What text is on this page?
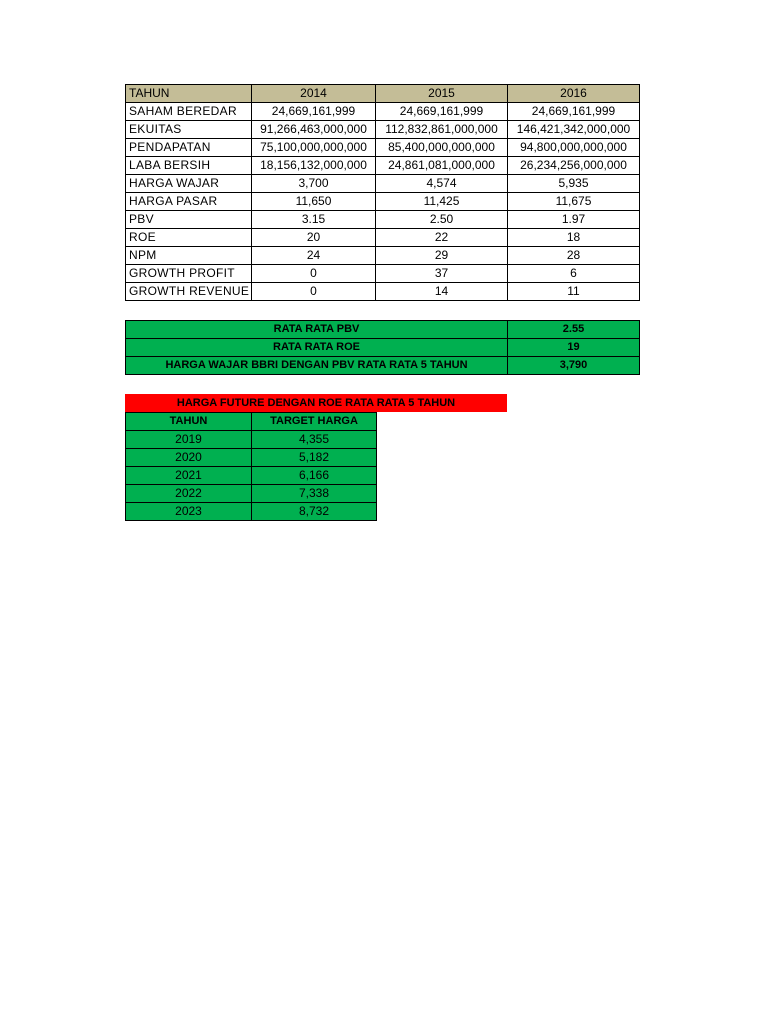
TAHUN	2014	2015	2016
SAHAM BEREDAR	24,669,161,999	24,669,161,999	24,669,161,999
EKUITAS	91,266,463,000,000	112,832,861,000,000	146,421,342,000,000
PENDAPATAN	75,100,000,000,000	85,400,000,000,000	94,800,000,000,000
LABA BERSIH	18,156,132,000,000	24,861,081,000,000	26,234,256,000,000
HARGA WAJAR	3,700	4,574	5,935
HARGA PASAR	11,650	11,425	11,675
PBV	3.15	2.50	1.97
ROE	20	22	18
NPM	24	29	28
GROWTH PROFIT	0	37	6
GROWTH REVENUE	0	14	11
RATA RATA PBV	2.55
RATA RATA ROE	19
HARGA WAJAR BBRI DENGAN PBV RATA RATA 5 TAHUN	3,790
HARGA FUTURE DENGAN ROE RATA RATA 5 TAHUN
TAHUN	TARGET HARGA
2019	4,355
2020	5,182
2021	6,166
2022	7,338
2023	8,732
